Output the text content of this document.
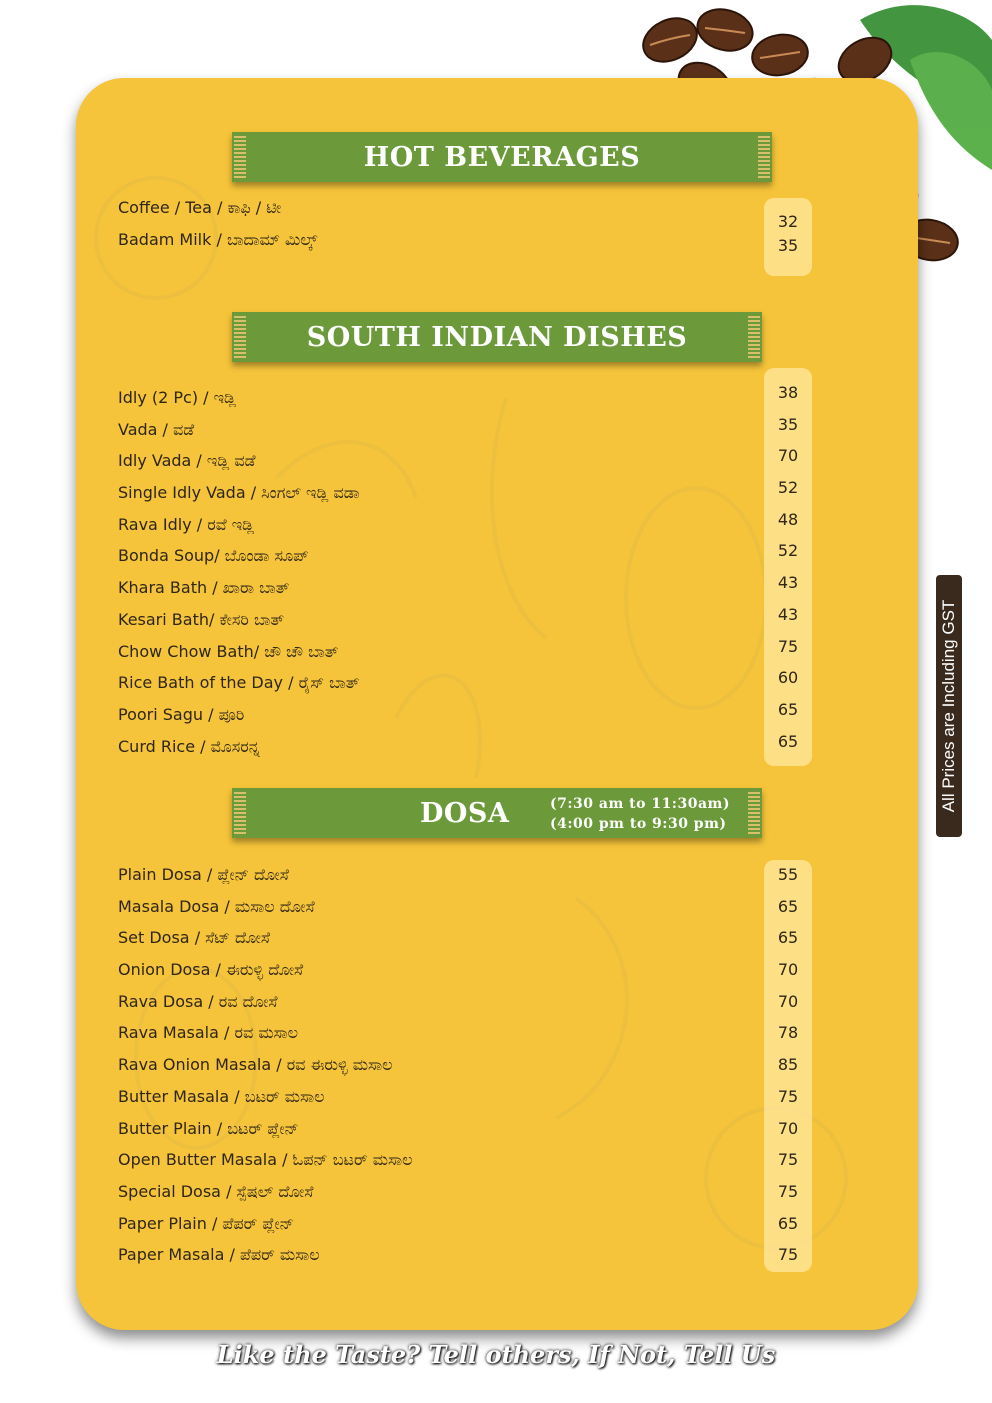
HOT BEVERAGES
Coffee / Tea / ಕಾಫಿ / ಟೀ
Badam Milk / ಬಾದಾಮ್ ಮಿಲ್ಕ್
32
35
SOUTH INDIAN DISHES
Idly (2 Pc) / ಇಡ್ಲಿ
Vada / ವಡೆ
Idly Vada / ಇಡ್ಲಿ ವಡೆ
Single Idly Vada / ಸಿಂಗಲ್ ಇಡ್ಲಿ ವಡಾ
Rava Idly / ರವೆ ಇಡ್ಲಿ
Bonda Soup/ ಬೊಂಡಾ ಸೂಪ್
Khara Bath / ಖಾರಾ ಬಾತ್
Kesari Bath/ ಕೇಸರಿ ಬಾತ್
Chow Chow Bath/ ಚೌ ಚೌ ಬಾತ್
Rice Bath of the Day / ರೈಸ್ ಬಾತ್
Poori Sagu / ಪೂರಿ
Curd Rice / ಮೊಸರನ್ನ
38
35
70
52
48
52
43
43
75
60
65
65
DOSA	(7:30 am to 11:30am)
(4:00 pm to 9:30 pm)
Plain Dosa / ಪ್ಲೇನ್ ದೋಸೆ
Masala Dosa / ಮಸಾಲ ದೋಸೆ
Set Dosa / ಸೆಟ್ ದೋಸೆ
Onion Dosa / ಈರುಳ್ಳಿ ದೋಸೆ
Rava Dosa / ರವ ದೋಸೆ
Rava Masala / ರವ ಮಸಾಲ
Rava Onion Masala / ರವ ಈರುಳ್ಳಿ ಮಸಾಲ
Butter Masala / ಬಟರ್ ಮಸಾಲ
Butter Plain / ಬಟರ್ ಪ್ಲೇನ್
Open Butter Masala / ಓಪನ್ ಬಟರ್ ಮಸಾಲ
Special Dosa / ಸ್ಪೆಷಲ್ ದೋಸೆ
Paper Plain / ಪೆಪರ್ ಪ್ಲೇನ್
Paper Masala / ಪೆಪರ್ ಮಸಾಲ
55
65
65
70
70
78
85
75
70
75
75
65
75
All Prices are Including GST
Like the Taste? Tell others, If Not, Tell Us
